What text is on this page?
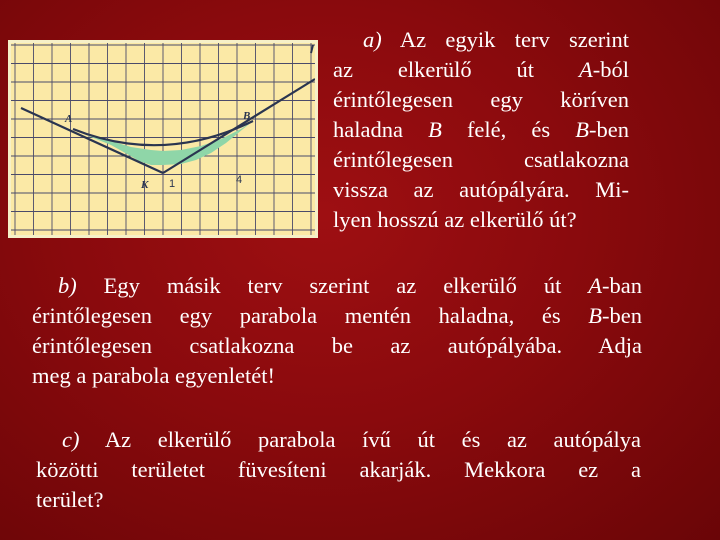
A	B
K 1	4
a) Az egyik terv szerint
az elkerülő út A-ból
érintőlegesen egy köríven
haladna B felé, és B-ben
érintőlegesen csatlakozna
vissza az autópályára. Mi-
lyen hosszú az elkerülő út?
b) Egy másik terv szerint az elkerülő út A-ban
érintőlegesen egy parabola mentén haladna, és B-ben
érintőlegesen csatlakozna be az autópályába. Adja
meg a parabola egyenletét!
c) Az elkerülő parabola ívű út és az autópálya
közötti területet füvesíteni akarják. Mekkora ez a
terület?
